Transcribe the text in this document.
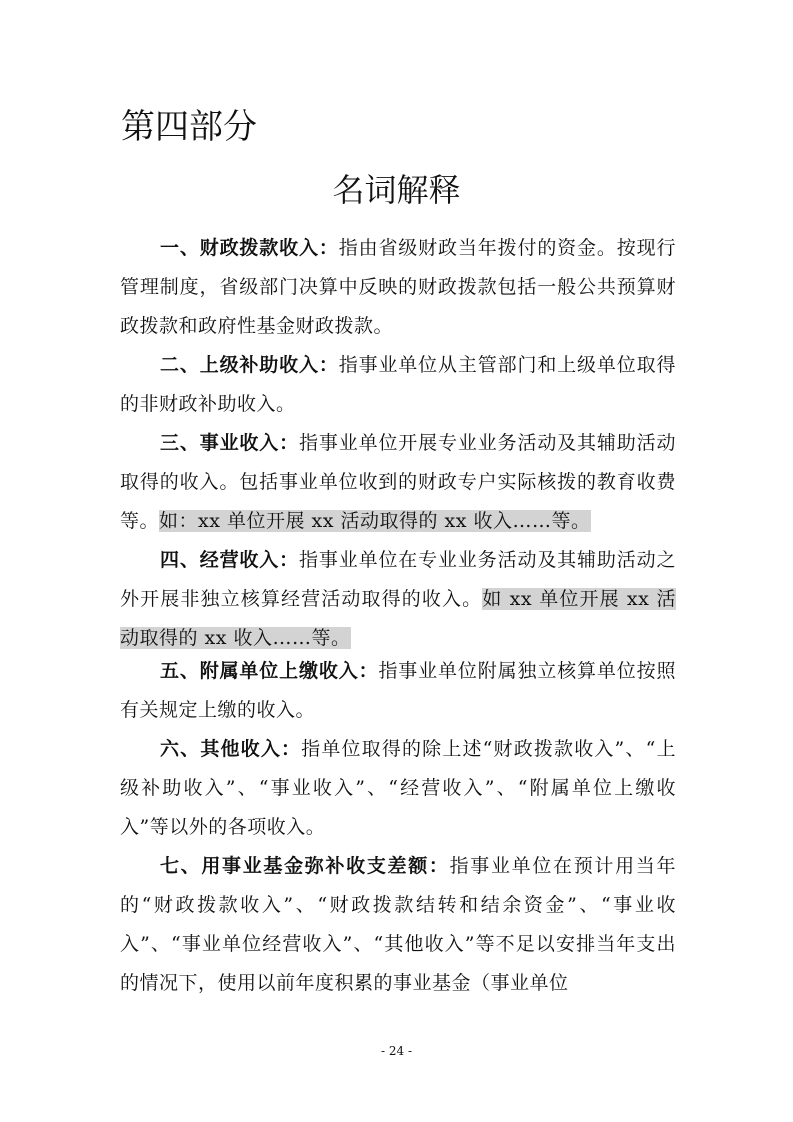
第四部分
名词解释

一、财政拨款收入：指由省级财政当年拨付的资金。按现行管理制度，省级部门决算中反映的财政拨款包括一般公共预算财政拨款和政府性基金财政拨款。

二、上级补助收入：指事业单位从主管部门和上级单位取得的非财政补助收入。

三、事业收入：指事业单位开展专业业务活动及其辅助活动取得的收入。包括事业单位收到的财政专户实际核拨的教育收费等。如：xx 单位开展 xx 活动取得的 xx 收入……等。

四、经营收入：指事业单位在专业业务活动及其辅助活动之外开展非独立核算经营活动取得的收入。如 xx 单位开展 xx 活动取得的 xx 收入……等。

五、附属单位上缴收入：指事业单位附属独立核算单位按照有关规定上缴的收入。

六、其他收入：指单位取得的除上述“财政拨款收入”、“上级补助收入”、“事业收入”、“经营收入”、“附属单位上缴收入”等以外的各项收入。

七、用事业基金弥补收支差额：指事业单位在预计用当年的“财政拨款收入”、“财政拨款结转和结余资金”、“事业收入”、“事业单位经营收入”、“其他收入”等不足以安排当年支出的情况下，使用以前年度积累的事业基金（事业单位

- 24 -
